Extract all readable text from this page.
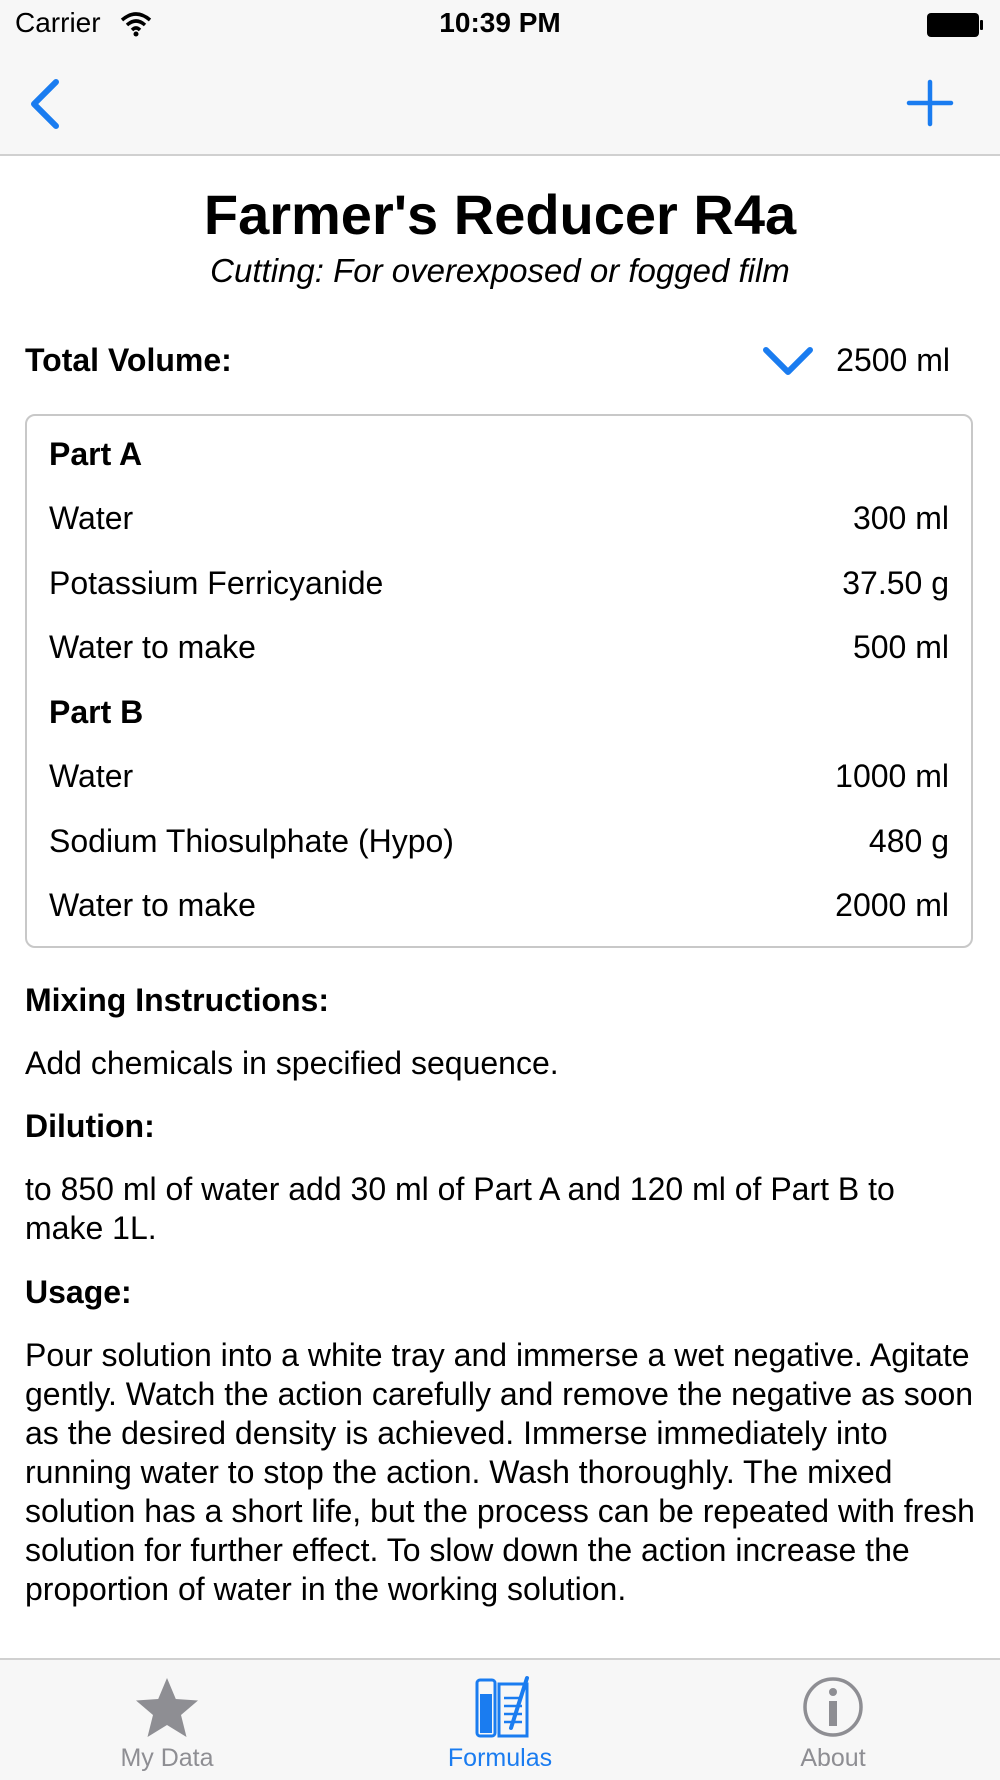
Carrier	10:39 PM
Farmer's Reducer R4a
Cutting: For overexposed or fogged film
Total Volume:	2500 ml
Part A
Water	300 ml
Potassium Ferricyanide	37.50 g
Water to make	500 ml
Part B
Water	1000 ml
Sodium Thiosulphate (Hypo)	480 g
Water to make	2000 ml
Mixing Instructions:
Add chemicals in specified sequence.
Dilution:
to 850 ml of water add 30 ml of Part A and 120 ml of Part B to make 1L.
Usage:
Pour solution into a white tray and immerse a wet negative. Agitate gently. Watch the action carefully and remove the negative as soon as the desired density is achieved. Immerse immediately into running water to stop the action. Wash thoroughly. The mixed solution has a short life, but the process can be repeated with fresh solution for further effect. To slow down the action increase the proportion of water in the working solution.
My Data	Formulas	About
